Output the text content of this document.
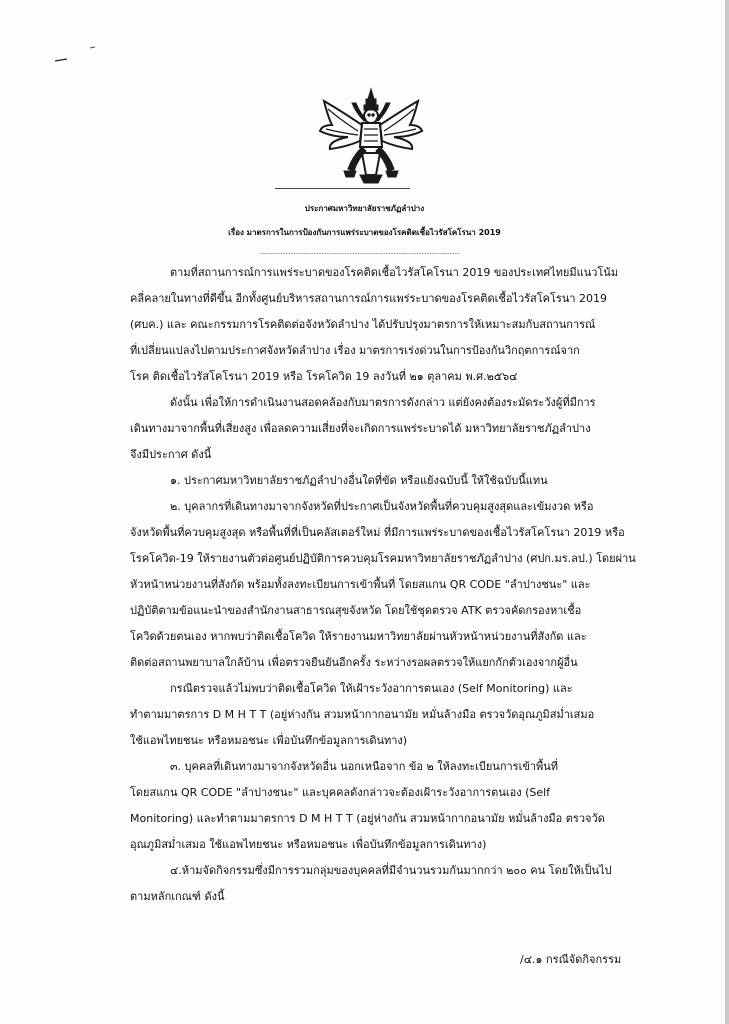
ประกาศมหาวิทยาลัยราชภัฏลำปาง
เรื่อง มาตรการในการป้องกันการแพร่ระบาดของโรคติดเชื้อไวรัสโคโรนา 2019
------------------------------------------------------------------------------
ตามที่สถานการณ์การแพร่ระบาดของโรคติดเชื้อไวรัสโคโรนา 2019 ของประเทศไทยมีแนวโน้ม
คลี่คลายในทางที่ดีขึ้น อีกทั้งศูนย์บริหารสถานการณ์การแพร่ระบาดของโรคติดเชื้อไวรัสโคโรนา 2019
(ศบค.) และ คณะกรรมการโรคติดต่อจังหวัดลำปาง ได้ปรับปรุงมาตรการให้เหมาะสมกับสถานการณ์
ที่เปลี่ยนแปลงไปตามประกาศจังหวัดลำปาง เรื่อง มาตรการเร่งด่วนในการป้องกันวิกฤตการณ์จาก
โรค ติดเชื้อไวรัสโคโรนา 2019 หรือ โรคโควิด 19 ลงวันที่ ๒๑ ตุลาคม พ.ศ.๒๕๖๔
ดังนั้น เพื่อให้การดำเนินงานสอดคล้องกับมาตรการดังกล่าว แต่ยังคงต้องระมัดระวังผู้ที่มีการ
เดินทางมาจากพื้นที่เสี่ยงสูง เพื่อลดความเสี่ยงที่จะเกิดการแพร่ระบาดได้ มหาวิทยาลัยราชภัฏลำปาง
จึงมีประกาศ ดังนี้
๑. ประกาศมหาวิทยาลัยราชภัฏลำปางอื่นใดที่ขัด หรือแย้งฉบับนี้ ให้ใช้ฉบับนี้แทน
๒. บุคลากรที่เดินทางมาจากจังหวัดที่ประกาศเป็นจังหวัดพื้นที่ควบคุมสูงสุดและเข้มงวด หรือ
จังหวัดพื้นที่ควบคุมสูงสุด หรือพื้นที่ที่เป็นคลัสเตอร์ใหม่ ที่มีการแพร่ระบาดของเชื้อไวรัสโคโรนา 2019 หรือ
โรคโควิด-19 ให้รายงานตัวต่อศูนย์ปฏิบัติการควบคุมโรคมหาวิทยาลัยราชภัฏลำปาง (ศปก.มร.ลป.) โดยผ่าน
หัวหน้าหน่วยงานที่สังกัด พร้อมทั้งลงทะเบียนการเข้าพื้นที่ โดยสแกน QR CODE "ลำปางชนะ" และ
ปฏิบัติตามข้อแนะนำของสำนักงานสาธารณสุขจังหวัด โดยใช้ชุดตรวจ ATK ตรวจคัดกรองหาเชื้อ
โควิดด้วยตนเอง หากพบว่าติดเชื้อโควิด ให้รายงานมหาวิทยาลัยผ่านหัวหน้าหน่วยงานที่สังกัด และ
ติดต่อสถานพยาบาลใกล้บ้าน เพื่อตรวจยืนยันอีกครั้ง ระหว่างรอผลตรวจให้แยกกักตัวเองจากผู้อื่น
กรณีตรวจแล้วไม่พบว่าติดเชื้อโควิด ให้เฝ้าระวังอาการตนเอง (Self Monitoring) และ
ทำตามมาตรการ D M H T T (อยู่ห่างกัน สวมหน้ากากอนามัย หมั่นล้างมือ ตรวจวัดอุณภูมิสม่ำเสมอ
ใช้แอพไทยชนะ หรือหมอชนะ เพื่อบันทึกข้อมูลการเดินทาง)
๓. บุคคลที่เดินทางมาจากจังหวัดอื่น นอกเหนือจาก ข้อ ๒ ให้ลงทะเบียนการเข้าพื้นที่
โดยสแกน QR CODE "ลำปางชนะ" และบุคคลดังกล่าวจะต้องเฝ้าระวังอาการตนเอง (Self
Monitoring) และทำตามมาตรการ D M H T T (อยู่ห่างกัน สวมหน้ากากอนามัย หมั่นล้างมือ ตรวจวัด
อุณภูมิสม่ำเสมอ ใช้แอพไทยชนะ หรือหมอชนะ เพื่อบันทึกข้อมูลการเดินทาง)
๔.ห้ามจัดกิจกรรมซึ่งมีการรวมกลุ่มของบุคคลที่มีจำนวนรวมกันมากกว่า ๒๐๐ คน โดยให้เป็นไป
ตามหลักเกณฑ์ ดังนี้
/๔.๑ กรณีจัดกิจกรรม
